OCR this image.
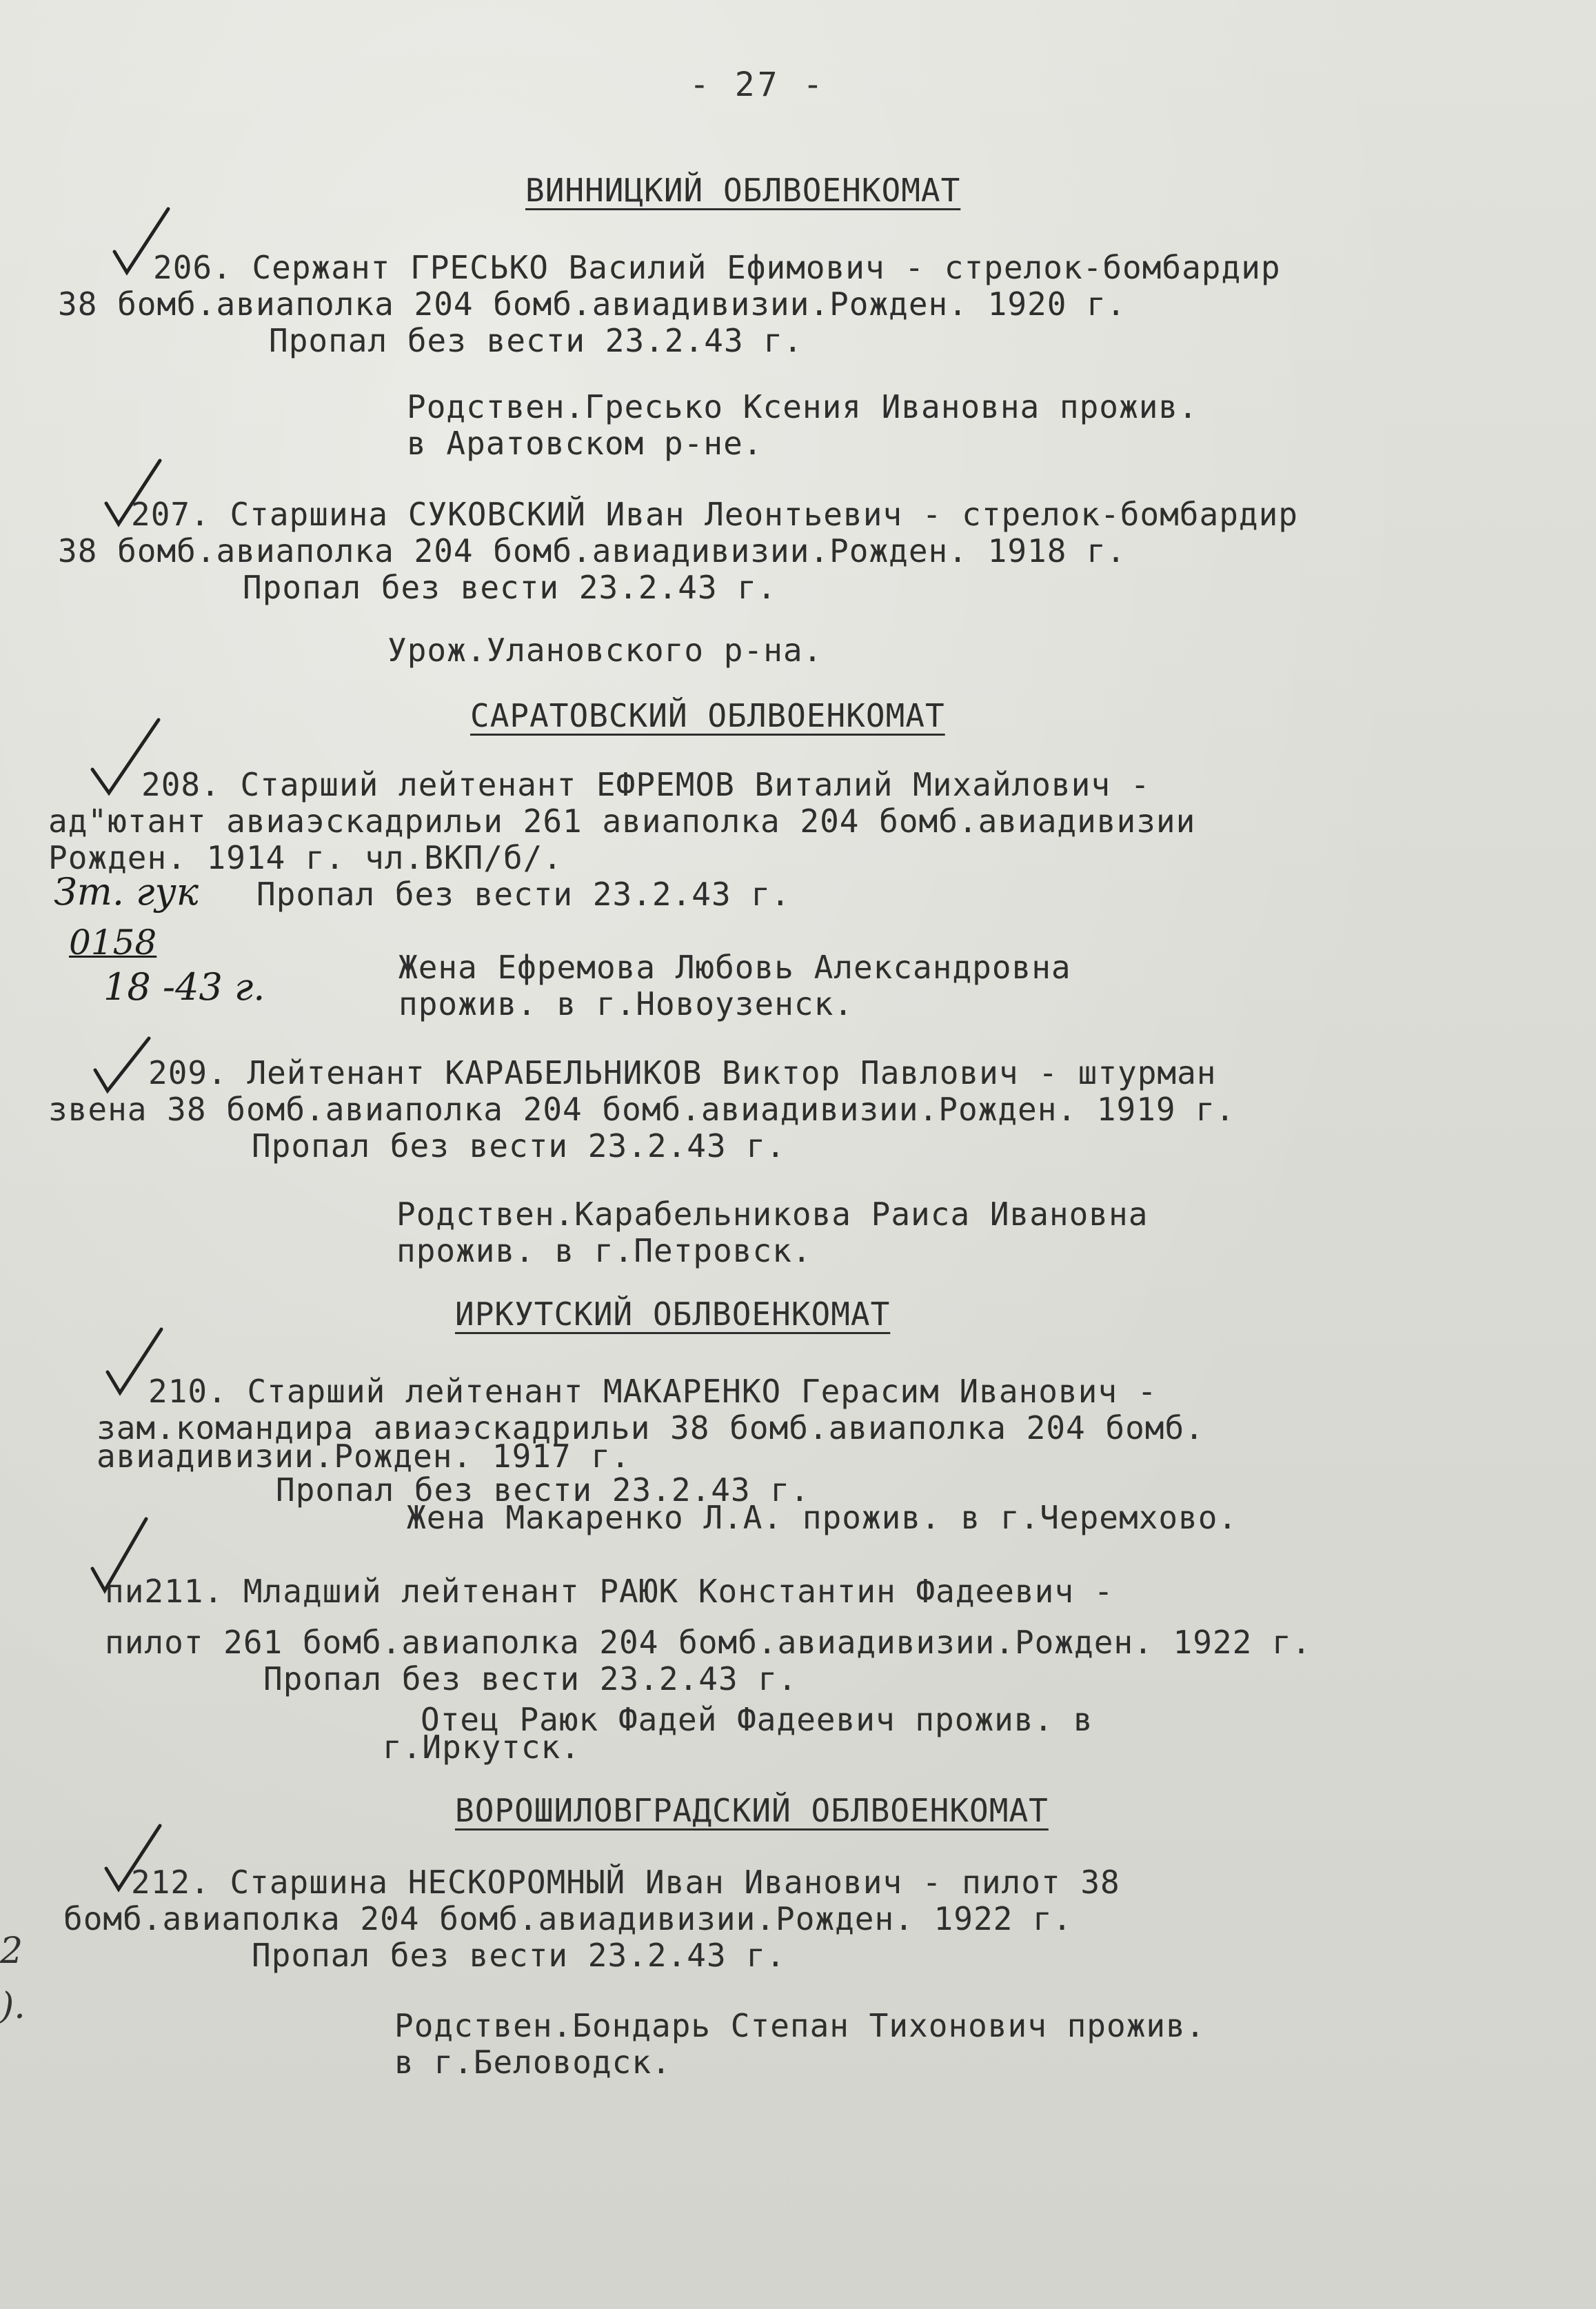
- 27 -
ВИННИЦКИЙ ОБЛВОЕНКОМАТ
206. Сержант ГРЕСЬКО Василий Ефимович - стрелок-бомбардир
38 бомб.авиаполка 204 бомб.авиадивизии.Рожден. 1920 г.
Пропал без вести 23.2.43 г.
Родствен.Гресько Ксения Ивановна прожив.
в Аратовском р-не.
207. Старшина СУКОВСКИЙ Иван Леонтьевич - стрелок-бомбардир
38 бомб.авиаполка 204 бомб.авиадивизии.Рожден. 1918 г.
Пропал без вести 23.2.43 г.
Урож.Улановского р-на.
САРАТОВСКИЙ ОБЛВОЕНКОМАТ
208. Старший лейтенант ЕФРЕМОВ Виталий Михайлович -
ад"ютант авиаэскадрильи 261 авиаполка 204 бомб.авиадивизии
Рожден. 1914 г. чл.ВКП/б/.
Пропал без вести 23.2.43 г.
Жена Ефремова Любовь Александровна
прожив. в г.Новоузенск.
Зт. гук
0158
18 -43 г.
209. Лейтенант КАРАБЕЛЬНИКОВ Виктор Павлович - штурман
звена 38 бомб.авиаполка 204 бомб.авиадивизии.Рожден. 1919 г.
Пропал без вести 23.2.43 г.
Родствен.Карабельникова Раиса Ивановна
прожив. в г.Петровск.
ИРКУТСКИЙ ОБЛВОЕНКОМАТ
210. Старший лейтенант МАКАРЕНКО Герасим Иванович -
зам.командира авиаэскадрильи 38 бомб.авиаполка 204 бомб.
авиадивизии.Рожден. 1917 г.
Пропал без вести 23.2.43 г.
Жена Макаренко Л.А. прожив. в г.Черемхово.
пи211. Младший лейтенант РАЮК Константин Фадеевич -
пилот 261 бомб.авиаполка 204 бомб.авиадивизии.Рожден. 1922 г.
Пропал без вести 23.2.43 г.
Отец Раюк Фадей Фадеевич прожив. в
г.Иркутск.
ВОРОШИЛОВГРАДСКИЙ ОБЛВОЕНКОМАТ
212. Старшина НЕСКОРОМНЫЙ Иван Иванович - пилот 38
бомб.авиаполка 204 бомб.авиадивизии.Рожден. 1922 г.
Пропал без вести 23.2.43 г.
Родствен.Бондарь Степан Тихонович прожив.
в г.Беловодск.
2
).
